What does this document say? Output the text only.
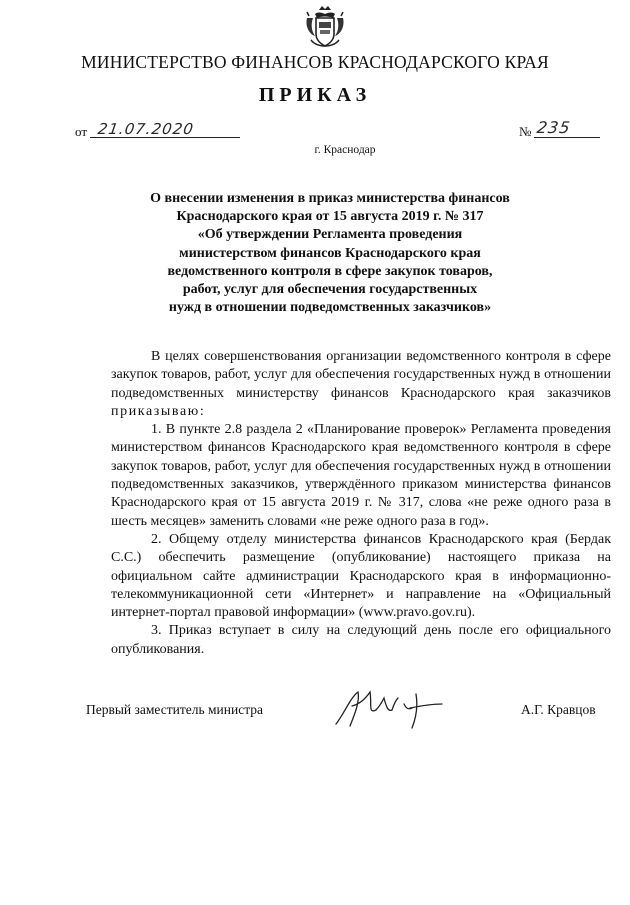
МИНИСТЕРСТВО ФИНАНСОВ КРАСНОДАРСКОГО КРАЯ
ПРИКАЗ
от 21.07.2020	№ 235
г. Краснодар
О внесении изменения в приказ министерства финансов
Краснодарского края от 15 августа 2019 г. № 317
«Об утверждении Регламента проведения
министерством финансов Краснодарского края
ведомственного контроля в сфере закупок товаров,
работ, услуг для обеспечения государственных
нужд в отношении подведомственных заказчиков»

В целях совершенствования организации ведомственного контроля в сфере закупок товаров, работ, услуг для обеспечения государственных нужд в отношении подведомственных министерству финансов Краснодарского края заказчиков приказываю:

1. В пункте 2.8 раздела 2 «Планирование проверок» Регламента проведения министерством финансов Краснодарского края ведомственного контроля в сфере закупок товаров, работ, услуг для обеспечения государственных нужд в отношении подведомственных заказчиков, утверждённого приказом министерства финансов Краснодарского края от 15 августа 2019 г. № 317, слова «не реже одного раза в шесть месяцев» заменить словами «не реже одного раза в год».

2. Общему отделу министерства финансов Краснодарского края (Бердак С.С.) обеспечить размещение (опубликование) настоящего приказа на официальном сайте администрации Краснодарского края в информационно-телекоммуникационной сети «Интернет» и направление на «Официальный интернет-портал правовой информации» (www.pravo.gov.ru).

3. Приказ вступает в силу на следующий день после его официального опубликования.

Первый заместитель министра	А.Г. Кравцов
